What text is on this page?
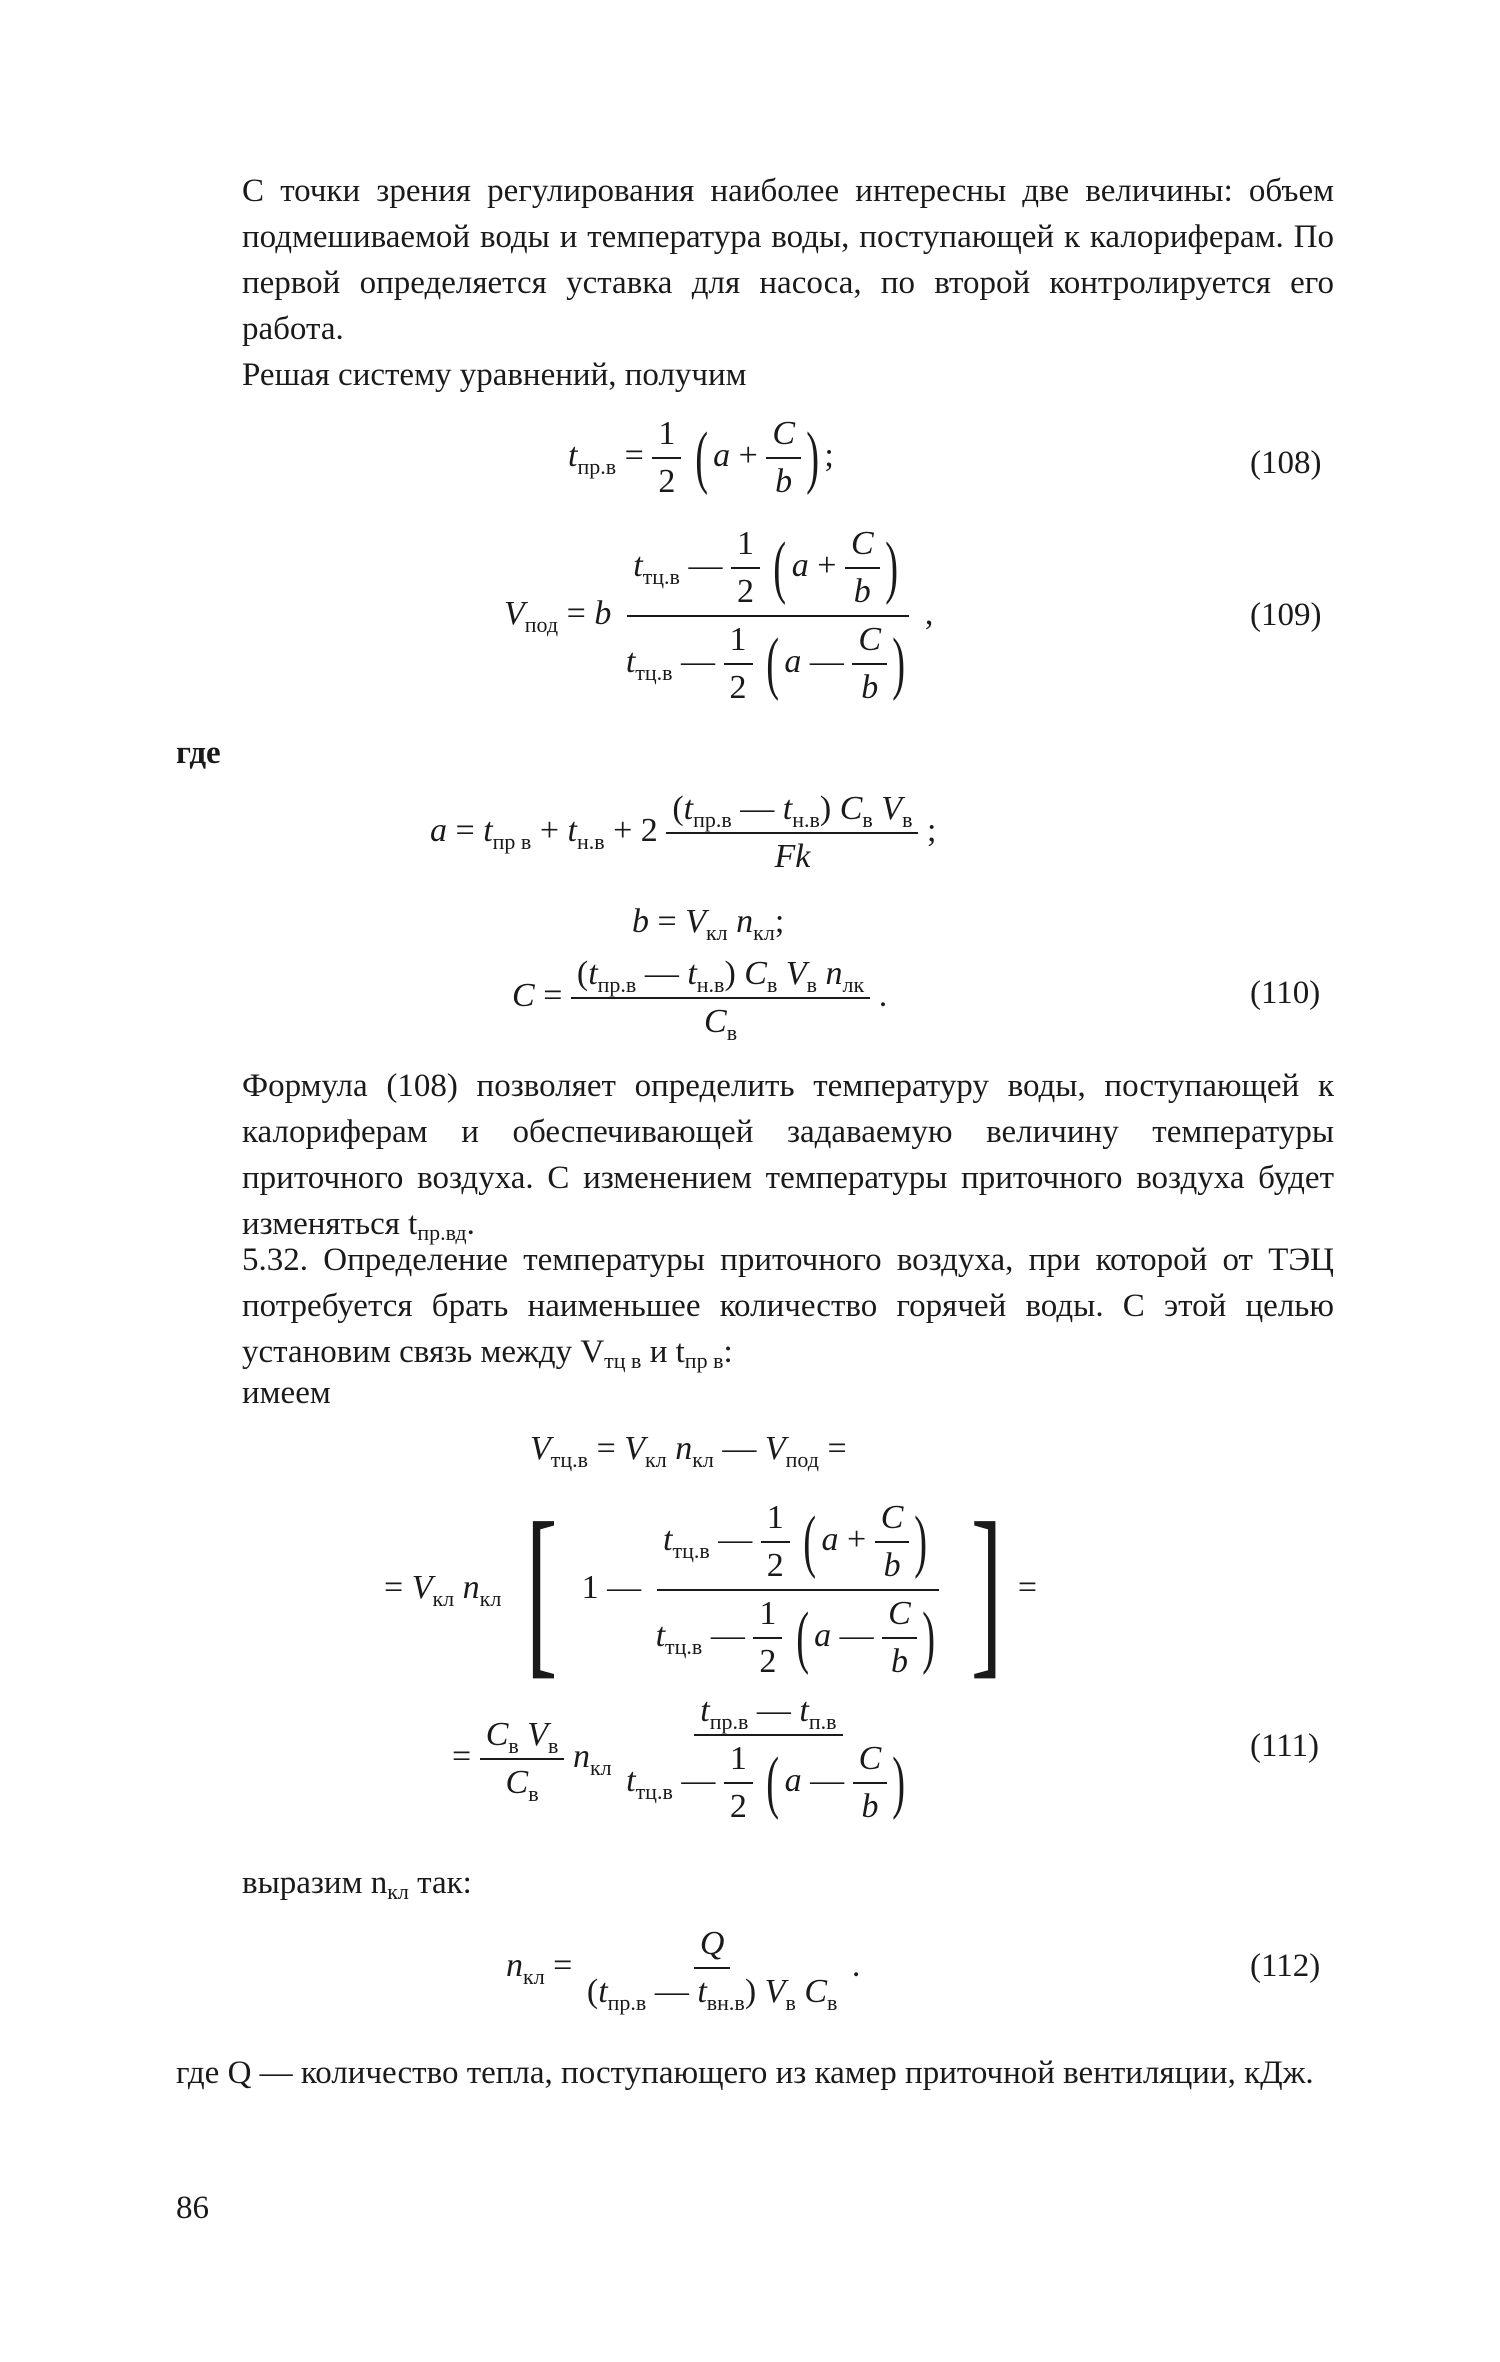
С точки зрения регулирования наиболее интересны две величины: объем подмешиваемой воды и температура воды, поступающей к калориферам. По первой определяется уставка для насоса, по второй контролируется его работа.
Решая систему уравнений, получим
$t_{пр.в} = \frac{1}{2}$ ( $a + \frac{C}{b}$ ) ;	(108)
$V_{под} = b \frac{t_{тц.в} — \frac{1}{2} ( a + \frac{C}{b} )}{t_{тц.в} — \frac{1}{2} ( a — \frac{C}{b} )}$ ,	(109)
где
$a = t_{пр в} + t_{н.в} + 2 \frac{(t_{пр.в} — t_{н.в}) C_в V_в}{Fk}$ ;
$b = V_{кл}$ $n_{кл}$;
$C = \frac{(t_{пр.в} — t_{н.в}) C_в V_в n_{лк}}{C_в}$ .	(110)
Формула (108) позволяет определить температуру воды, поступающей к калориферам и обеспечивающей задаваемую величину температуры приточного воздуха. С изменением температуры приточного воздуха будет изменяться tпр.вд.
5.32. Определение температуры приточного воздуха, при которой от ТЭЦ потребуется брать наименьшее количество горячей воды. С этой целью установим связь между Vтц в и tпр в:
имеем
$V_{тц.в} = V_{кл}$ $n_{кл}$ — $V_{под}$ =
= $V_{кл}$ $n_{кл}$ [ 1 — $\frac{t_{тц.в} — \frac{1}{2} ( a + \frac{C}{b} )}{t_{тц.в} — \frac{1}{2} ( a — \frac{C}{b} )}$ ] =
= $\frac{C_в V_в}{C_в} n_{кл} \frac{t_{пр.в} — t_{п.в}}{t_{тц.в} — \frac{1}{2} ( a — \frac{C}{b} )}$	(111)
выразим nкл так:
$n_{кл} = \frac{Q}{(t_{пр.в} — t_{вн.в}) V_в C_в}$ .	(112)
где Q — количество тепла, поступающего из камер приточной вентиляции, кДж.
86
